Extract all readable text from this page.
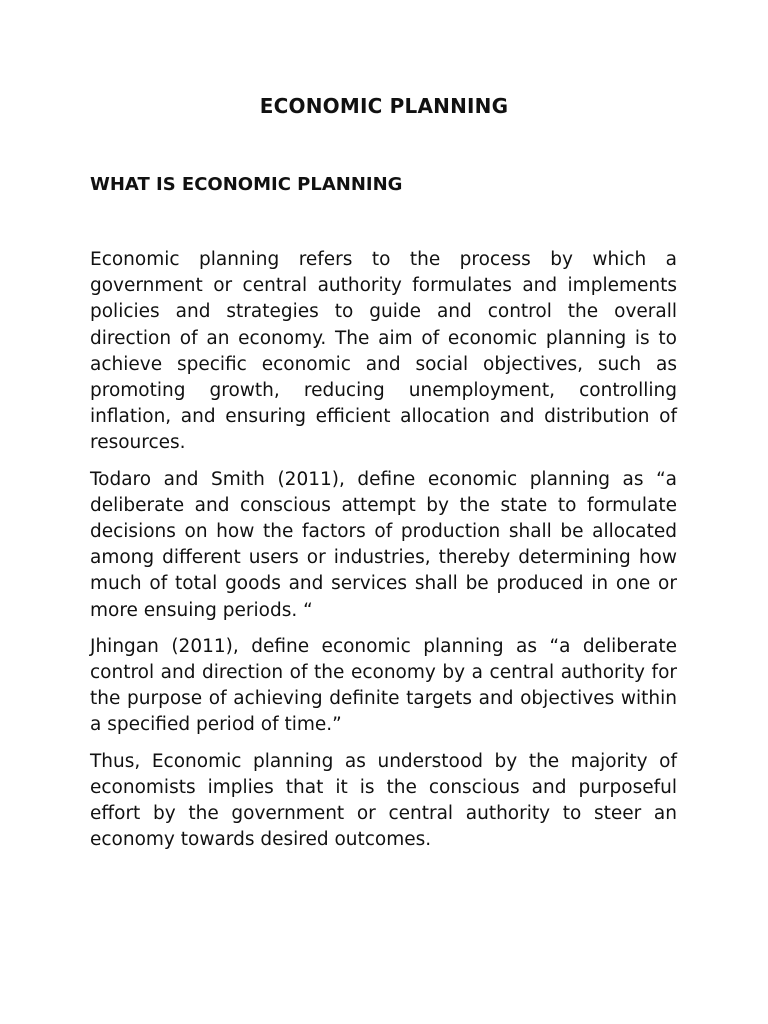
ECONOMIC PLANNING
WHAT IS ECONOMIC PLANNING

Economic planning refers to the process by which a government or central authority formulates and implements policies and strategies to guide and control the overall direction of an economy. The aim of economic planning is to achieve specific economic and social objectives, such as promoting growth, reducing unemployment, controlling inflation, and ensuring efficient allocation and distribution of resources.

Todaro and Smith (2011), define economic planning as “a deliberate and conscious attempt by the state to formulate decisions on how the factors of production shall be allocated among different users or industries, thereby determining how much of total goods and services shall be produced in one or more ensuing periods. “

Jhingan (2011), define economic planning as “a deliberate control and direction of the economy by a central authority for the purpose of achieving definite targets and objectives within a specified period of time.”

Thus, Economic planning as understood by the majority of economists implies that it is the conscious and purposeful effort by the government or central authority to steer an economy towards desired outcomes.
